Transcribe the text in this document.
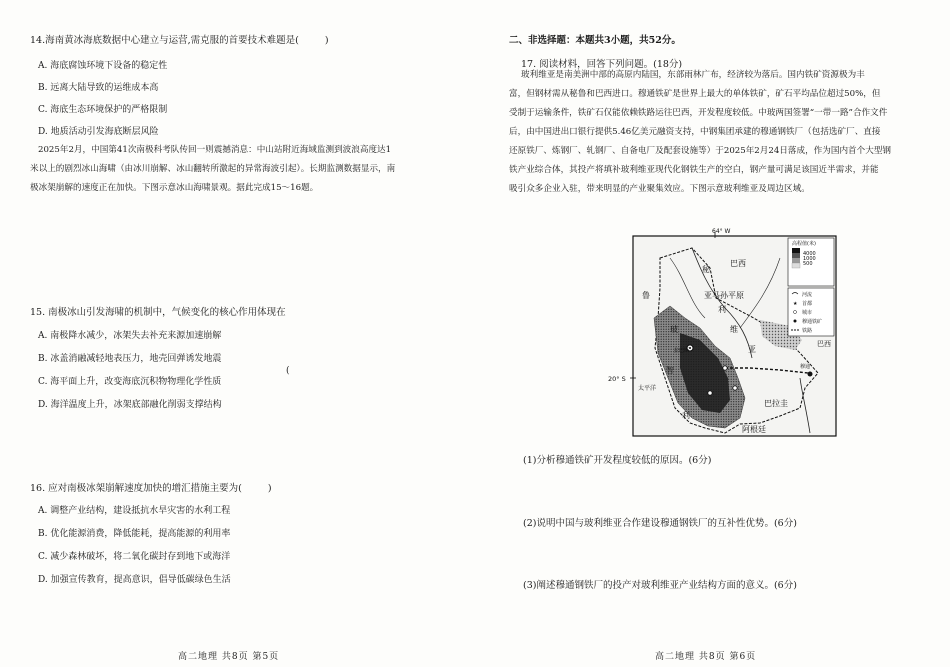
14.海南黄冰海底数据中心建立与运营,需克服的首要技术难题是(	)
A. 海底腐蚀环境下设备的稳定性
B. 远离大陆导致的运维成本高
C. 海底生态环境保护的严格限制
D. 地质活动引发海底断层风险
2025年2月，中国第41次南极科考队传回一则震撼消息：中山站附近海域监测到波浪高度达1
米以上的剧烈冰山海啸（由冰川崩解、冰山翻转所激起的异常海波引起）。长期监测数据显示，南
极冰架崩解的速度正在加快。下图示意冰山海啸景观。据此完成15～16题。
15. 南极冰山引发海啸的机制中，气候变化的核心作用体现在
A. 南极降水减少，冰架失去补充来源加速崩解
B. 冰盖消融减轻地表压力，地壳回弹诱发地震
C. 海平面上升，改变海底沉积物物理化学性质
(
D. 海洋温度上升，冰架底部融化削弱支撑结构
16. 应对南极冰架崩解速度加快的增汇措施主要为(	)
A. 调整产业结构，建设抵抗水旱灾害的水利工程
B. 优化能源消费，降低能耗，提高能源的利用率
C. 减少森林破坏，将二氧化碳封存到地下或海洋
D. 加强宣传教育，提高意识，倡导低碳绿色生活
高二地理 共8页 第5页
二、非选择题：本题共3小题，共52分。
17. 阅读材料，回答下列问题。(18分)
玻利维亚是南美洲中部的高原内陆国，东部雨林广布，经济较为落后。国内铁矿资源极为丰
富，但钢材需从秘鲁和巴西进口。穆通铁矿是世界上最大的单体铁矿，矿石平均品位超过50%，但
受制于运输条件，铁矿石仅能依赖铁路运往巴西，开发程度较低。中玻两国签署“一带一路”合作文件
后，由中国进出口银行提供5.46亿美元融资支持，中钢集团承建的穆通钢铁厂（包括选矿厂、直接
还原铁厂、炼钢厂、轧钢厂、自备电厂及配套设施等）于2025年2月24日落成，作为国内首个大型钢
铁产业综合体，其投产将填补玻利维亚现代化钢铁生产的空白，钢产量可满足该国近半需求，并能
吸引众多企业入驻，带来明显的产业聚集效应。下图示意玻利维亚及周边区域。
高程值(米)
4000
1000
500
河流
★ 首都
城市
穆通铁矿
铁路
64° W
20° S
秘
鲁	亚马孙平原
巴西
巴西
利
维
亚
玻
智
利
太平洋
巴拉圭
阿根廷
穆通
拉巴斯
(1)分析穆通铁矿开发程度较低的原因。(6分)
(2)说明中国与玻利维亚合作建设穆通钢铁厂的互补性优势。(6分)
(3)阐述穆通钢铁厂的投产对玻利维亚产业结构方面的意义。(6分)
高二地理 共8页 第6页
